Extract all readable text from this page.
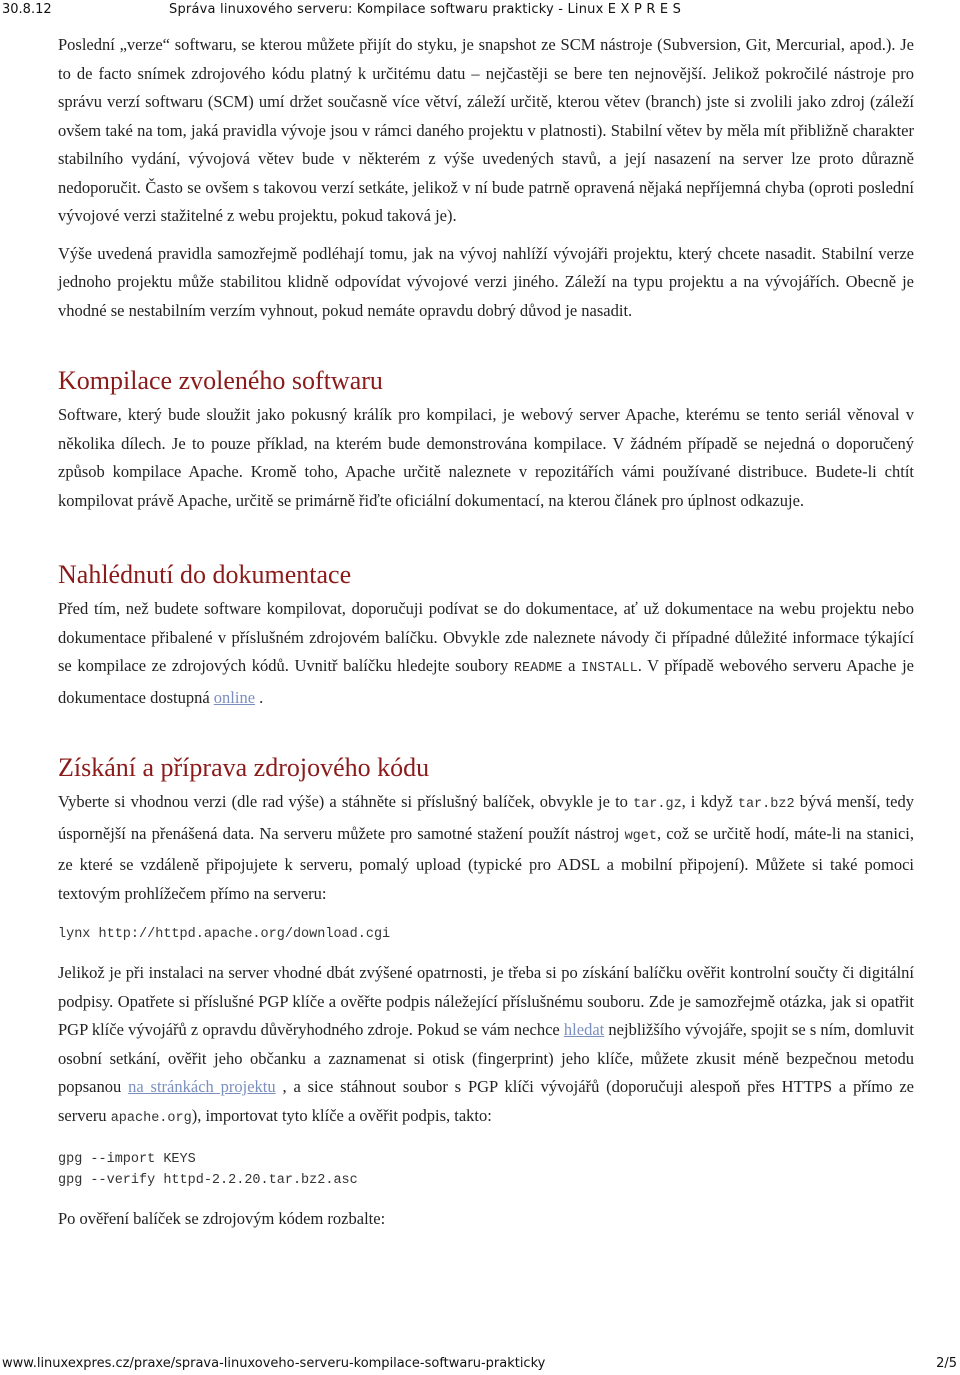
30.8.12	Správa linuxového serveru: Kompilace softwaru prakticky - Linux E X P R E S

Poslední „verze“ softwaru, se kterou můžete přijít do styku, je snapshot ze SCM nástroje (Subversion, Git, Mercurial, apod.). Je to de facto snímek zdrojového kódu platný k určitému datu – nejčastěji se bere ten nejnovější. Jelikož pokročilé nástroje pro správu verzí softwaru (SCM) umí držet současně více větví, záleží určitě, kterou větev (branch) jste si zvolili jako zdroj (záleží ovšem také na tom, jaká pravidla vývoje jsou v rámci daného projektu v platnosti). Stabilní větev by měla mít přibližně charakter stabilního vydání, vývojová větev bude v některém z výše uvedených stavů, a její nasazení na server lze proto důrazně nedoporučit. Často se ovšem s takovou verzí setkáte, jelikož v ní bude patrně opravená nějaká nepříjemná chyba (oproti poslední vývojové verzi stažitelné z webu projektu, pokud taková je).

Výše uvedená pravidla samozřejmě podléhají tomu, jak na vývoj nahlíží vývojáři projektu, který chcete nasadit. Stabilní verze jednoho projektu může stabilitou klidně odpovídat vývojové verzi jiného. Záleží na typu projektu a na vývojářích. Obecně je vhodné se nestabilním verzím vyhnout, pokud nemáte opravdu dobrý důvod je nasadit.

Kompilace zvoleného softwaru

Software, který bude sloužit jako pokusný králík pro kompilaci, je webový server Apache, kterému se tento seriál věnoval v několika dílech. Je to pouze příklad, na kterém bude demonstrována kompilace. V žádném případě se nejedná o doporučený způsob kompilace Apache. Kromě toho, Apache určitě naleznete v repozitářích vámi používané distribuce. Budete-li chtít kompilovat právě Apache, určitě se primárně řiďte oficiální dokumentací, na kterou článek pro úplnost odkazuje.

Nahlédnutí do dokumentace

Před tím, než budete software kompilovat, doporučuji podívat se do dokumentace, ať už dokumentace na webu projektu nebo dokumentace přibalené v příslušném zdrojovém balíčku. Obvykle zde naleznete návody či případné důležité informace týkající se kompilace ze zdrojových kódů. Uvnitř balíčku hledejte soubory README a INSTALL. V případě webového serveru Apache je dokumentace dostupná online .

Získání a příprava zdrojového kódu

Vyberte si vhodnou verzi (dle rad výše) a stáhněte si příslušný balíček, obvykle je to tar.gz, i když tar.bz2 bývá menší, tedy úspornější na přenášená data. Na serveru můžete pro samotné stažení použít nástroj wget, což se určitě hodí, máte-li na stanici, ze které se vzdáleně připojujete k serveru, pomalý upload (typické pro ADSL a mobilní připojení). Můžete si také pomoci textovým prohlížečem přímo na serveru:

lynx http://httpd.apache.org/download.cgi

Jelikož je při instalaci na server vhodné dbát zvýšené opatrnosti, je třeba si po získání balíčku ověřit kontrolní součty či digitální podpisy. Opatřete si příslušné PGP klíče a ověřte podpis náležející příslušnému souboru. Zde je samozřejmě otázka, jak si opatřit PGP klíče vývojářů z opravdu důvěryhodného zdroje. Pokud se vám nechce hledat nejbližšího vývojáře, spojit se s ním, domluvit osobní setkání, ověřit jeho občanku a zaznamenat si otisk (fingerprint) jeho klíče, můžete zkusit méně bezpečnou metodu popsanou na stránkách projektu , a sice stáhnout soubor s PGP klíči vývojářů (doporučuji alespoň přes HTTPS a přímo ze serveru apache.org), importovat tyto klíče a ověřit podpis, takto:

gpg --import KEYS
gpg --verify httpd-2.2.20.tar.bz2.asc

Po ověření balíček se zdrojovým kódem rozbalte:

www.linuxexpres.cz/praxe/sprava-linuxoveho-serveru-kompilace-softwaru-prakticky	2/5
